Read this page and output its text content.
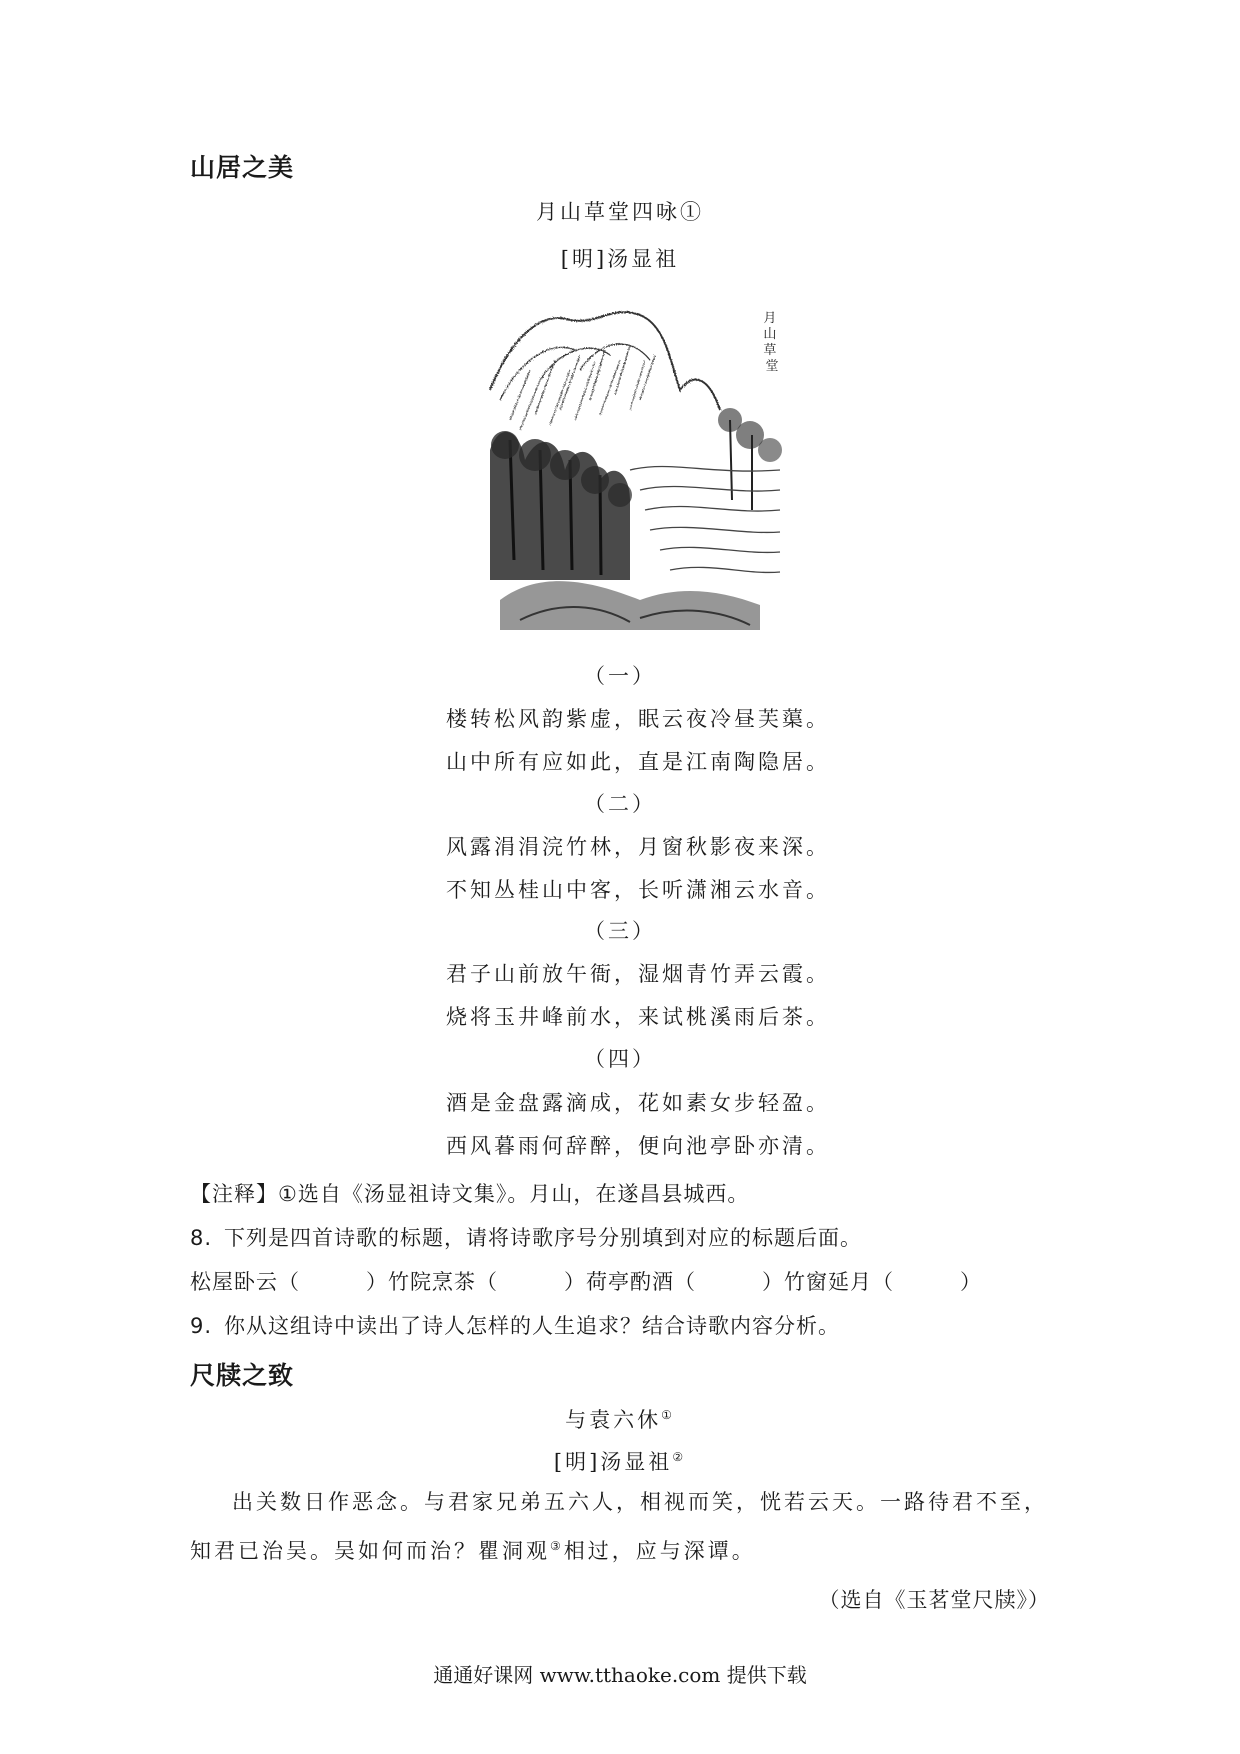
山居之美
月山草堂四咏①
[明]汤显祖
月 山 草 堂
（一）
楼转松风韵紫虚，眠云夜冷昼芙蕖。
山中所有应如此，直是江南陶隐居。
（二）
风露涓涓浣竹林，月窗秋影夜来深。
不知丛桂山中客，长听潇湘云水音。
（三）
君子山前放午衙，湿烟青竹弄云霞。
烧将玉井峰前水，来试桃溪雨后茶。
（四）
酒是金盘露滴成，花如素女步轻盈。
西风暮雨何辞醉，便向池亭卧亦清。
【注释】①选自《汤显祖诗文集》。月山，在遂昌县城西。
8. 下列是四首诗歌的标题，请将诗歌序号分别填到对应的标题后面。
松屋卧云（	）竹院烹茶（	）荷亭酌酒（	）竹窗延月（	）
9. 你从这组诗中读出了诗人怎样的人生追求？结合诗歌内容分析。
尺牍之致
与袁六休①
[明]汤显祖②
出关数日作恶念。与君家兄弟五六人，相视而笑，恍若云天。一路待君不至，知君已治吴。吴如何而治？瞿洞观③相过，应与深谭。
（选自《玉茗堂尺牍》）
通通好课网 www.tthaoke.com 提供下载
